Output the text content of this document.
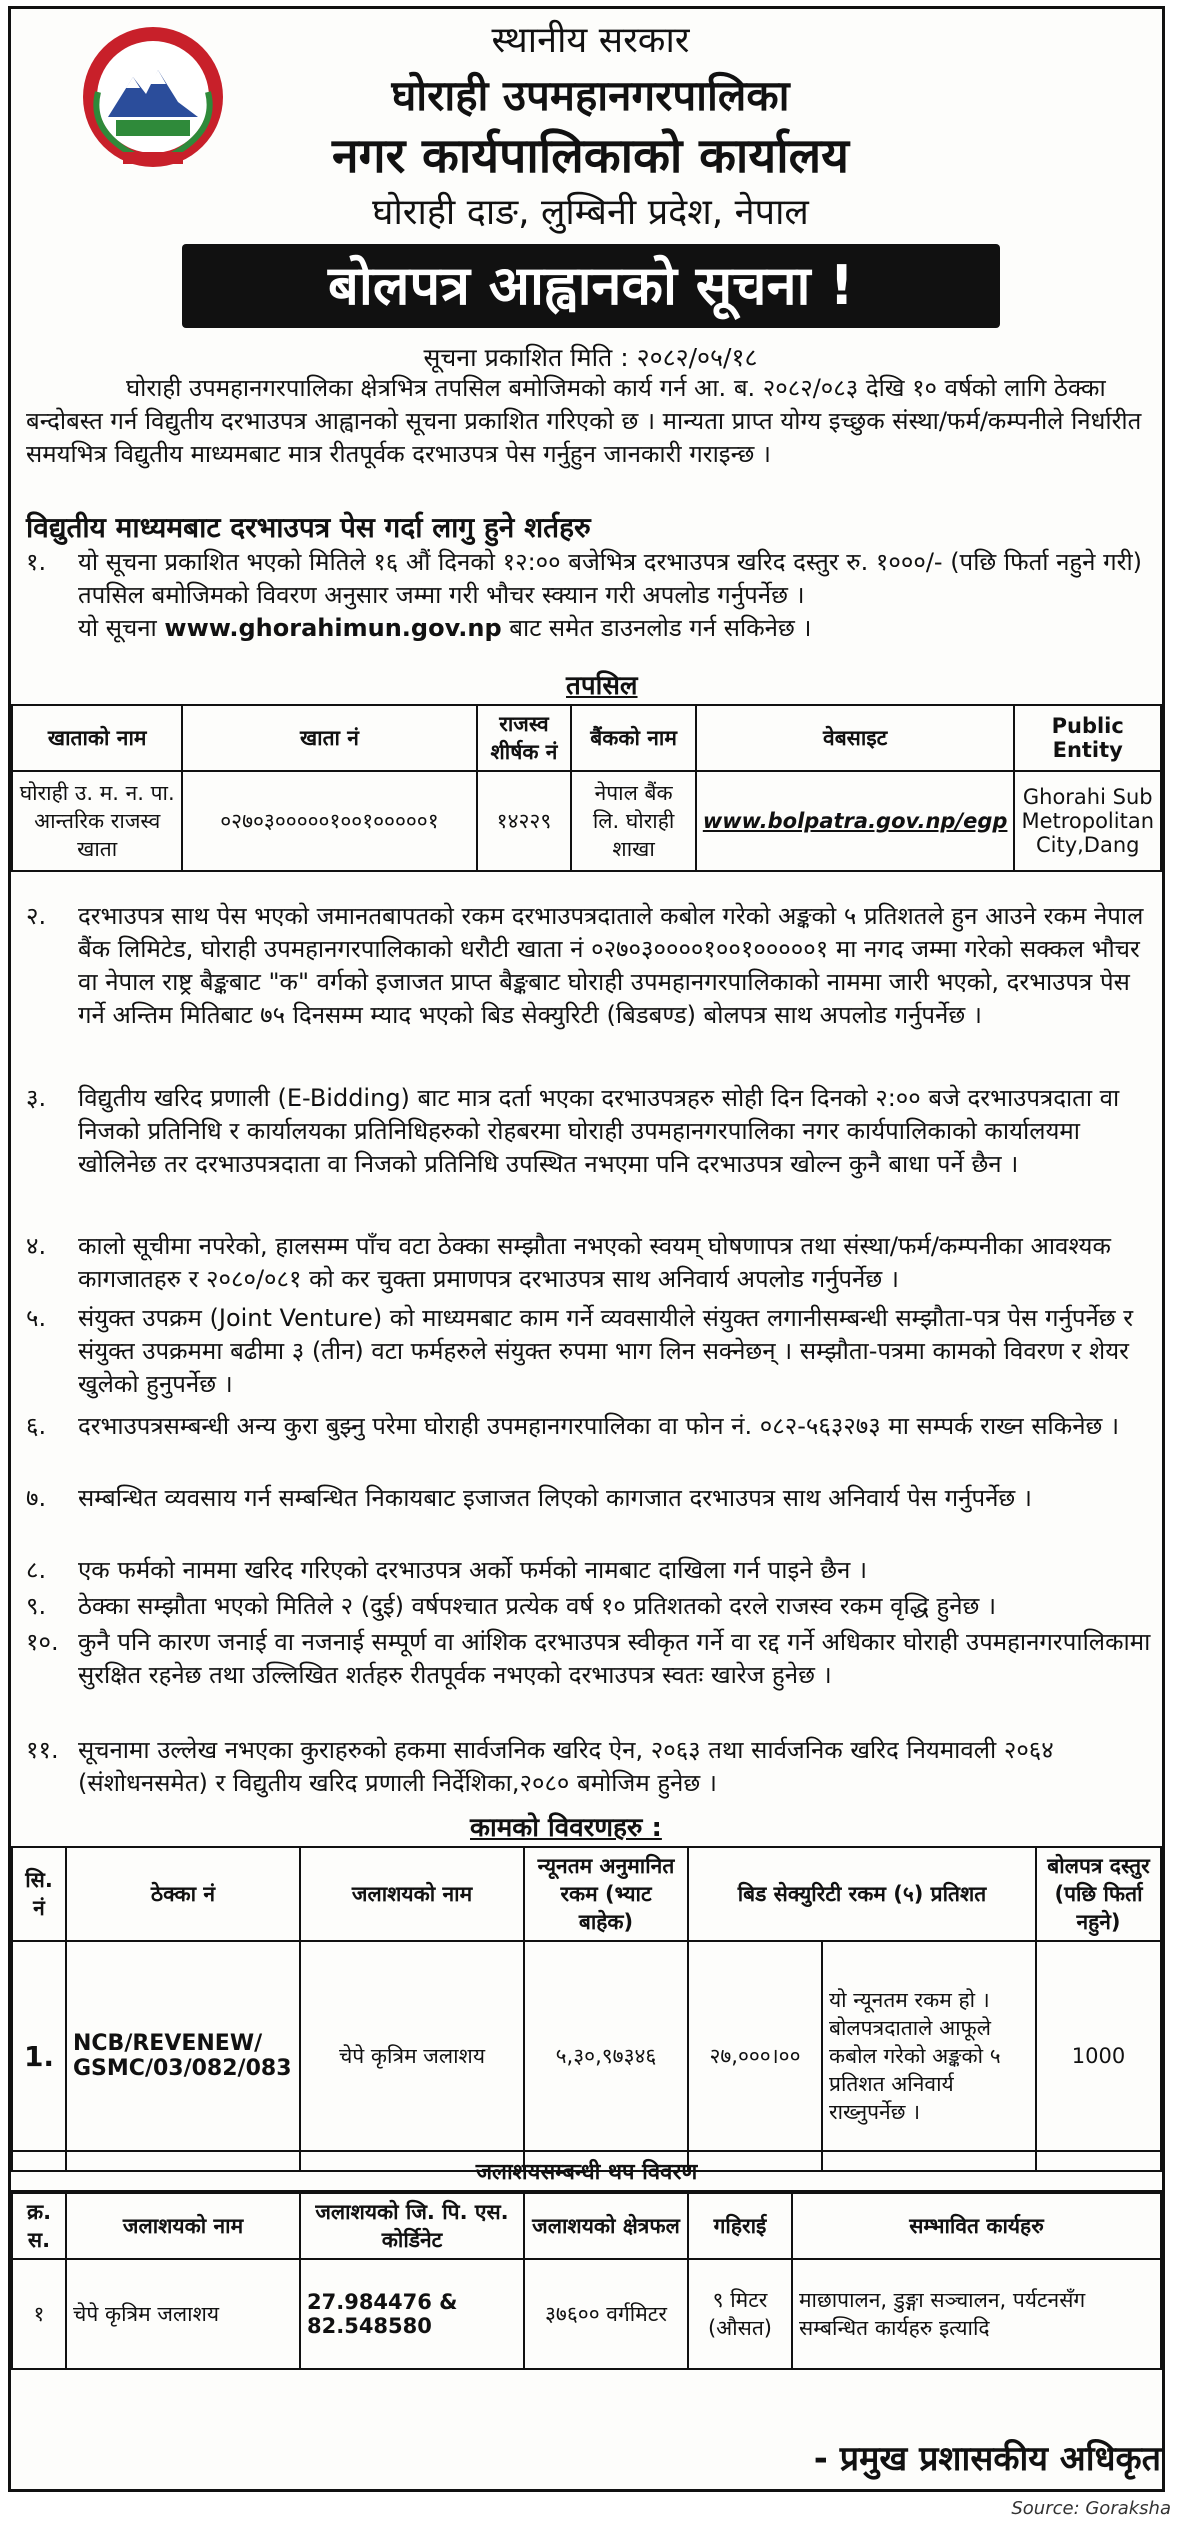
स्थानीय सरकार
घोराही उपमहानगरपालिका
नगर कार्यपालिकाको कार्यालय
घोराही दाङ, लुम्बिनी प्रदेश, नेपाल
बोलपत्र आह्वानको सूचना !
सूचना प्रकाशित मिति : २०८२/०५/१८
घोराही उपमहानगरपालिका क्षेत्रभित्र तपसिल बमोजिमको कार्य गर्न आ. ब. २०८२/०८३ देखि १० वर्षको लागि ठेक्का बन्दोबस्त गर्न विद्युतीय दरभाउपत्र आह्वानको सूचना प्रकाशित गरिएको छ । मान्यता प्राप्त योग्य इच्छुक संस्था/फर्म/कम्पनीले निर्धारीत समयभित्र विद्युतीय माध्यमबाट मात्र रीतपूर्वक दरभाउपत्र पेस गर्नुहुन जानकारी गराइन्छ ।
विद्युतीय माध्यमबाट दरभाउपत्र पेस गर्दा लागु हुने शर्तहरु
१.	यो सूचना प्रकाशित भएको मितिले १६ औं दिनको १२:०० बजेभित्र दरभाउपत्र खरिद दस्तुर रु. १०००/- (पछि फिर्ता नहुने गरी) तपसिल बमोजिमको विवरण अनुसार जम्मा गरी भौचर स्क्यान गरी अपलोड गर्नुपर्नेछ ।
यो सूचना www.ghorahimun.gov.np बाट समेत डाउनलोड गर्न सकिनेछ ।
तपसिल
खाताको नाम	खाता नं	राजस्व शीर्षक नं	बैंकको नाम	वेबसाइट	Public Entity
घोराही उ. म. न. पा. आन्तरिक राजस्व खाता	०२७०३०००००१००१०००००१	१४२२९	नेपाल बैंक लि. घोराही शाखा	www.bolpatra.gov.np/egp	Ghorahi Sub Metropolitan City,Dang
२.	दरभाउपत्र साथ पेस भएको जमानतबापतको रकम दरभाउपत्रदाताले कबोल गरेको अङ्कको ५ प्रतिशतले हुन आउने रकम नेपाल बैंक लिमिटेड, घोराही उपमहानगरपालिकाको धरौटी खाता नं ०२७०३००००१००१०००००१ मा नगद जम्मा गरेको सक्कल भौचर वा नेपाल राष्ट्र बैङ्कबाट "क" वर्गको इजाजत प्राप्त बैङ्कबाट घोराही उपमहानगरपालिकाको नाममा जारी भएको, दरभाउपत्र पेस गर्ने अन्तिम मितिबाट ७५ दिनसम्म म्याद भएको बिड सेक्युरिटी (बिडबण्ड) बोलपत्र साथ अपलोड गर्नुपर्नेछ ।
३.	विद्युतीय खरिद प्रणाली (E-Bidding) बाट मात्र दर्ता भएका दरभाउपत्रहरु सोही दिन दिनको २:०० बजे दरभाउपत्रदाता वा निजको प्रतिनिधि र कार्यालयका प्रतिनिधिहरुको रोहबरमा घोराही उपमहानगरपालिका नगर कार्यपालिकाको कार्यालयमा खोलिनेछ तर दरभाउपत्रदाता वा निजको प्रतिनिधि उपस्थित नभएमा पनि दरभाउपत्र खोल्न कुनै बाधा पर्ने छैन ।
४.	कालो सूचीमा नपरेको, हालसम्म पाँच वटा ठेक्का सम्झौता नभएको स्वयम् घोषणापत्र तथा संस्था/फर्म/कम्पनीका आवश्यक कागजातहरु र २०८०/०८१ को कर चुक्ता प्रमाणपत्र दरभाउपत्र साथ अनिवार्य अपलोड गर्नुपर्नेछ ।
५.	संयुक्त उपक्रम (Joint Venture) को माध्यमबाट काम गर्ने व्यवसायीले संयुक्त लगानीसम्बन्धी सम्झौता-पत्र पेस गर्नुपर्नेछ र संयुक्त उपक्रममा बढीमा ३ (तीन) वटा फर्महरुले संयुक्त रुपमा भाग लिन सक्नेछन् । सम्झौता-पत्रमा कामको विवरण र शेयर खुलेको हुनुपर्नेछ ।
६.	दरभाउपत्रसम्बन्धी अन्य कुरा बुझ्नु परेमा घोराही उपमहानगरपालिका वा फोन नं. ०८२-५६३२७३ मा सम्पर्क राख्न सकिनेछ ।
७.	सम्बन्धित व्यवसाय गर्न सम्बन्धित निकायबाट इजाजत लिएको कागजात दरभाउपत्र साथ अनिवार्य पेस गर्नुपर्नेछ ।
८.	एक फर्मको नाममा खरिद गरिएको दरभाउपत्र अर्को फर्मको नामबाट दाखिला गर्न पाइने छैन ।
९.	ठेक्का सम्झौता भएको मितिले २ (दुई) वर्षपश्चात प्रत्येक वर्ष १० प्रतिशतको दरले राजस्व रकम वृद्धि हुनेछ ।
१०. कुनै पनि कारण जनाई वा नजनाई सम्पूर्ण वा आंशिक दरभाउपत्र स्वीकृत गर्ने वा रद्द गर्ने अधिकार घोराही उपमहानगरपालिकामा सुरक्षित रहनेछ तथा उल्लिखित शर्तहरु रीतपूर्वक नभएको दरभाउपत्र स्वतः खारेज हुनेछ ।
११. सूचनामा उल्लेख नभएका कुराहरुको हकमा सार्वजनिक खरिद ऐन, २०६३ तथा सार्वजनिक खरिद नियमावली २०६४ (संशोधनसमेत) र विद्युतीय खरिद प्रणाली निर्देशिका,२०८० बमोजिम हुनेछ ।
कामको विवरणहरु :
सि. नं	ठेक्का नं	जलाशयको नाम	न्यूनतम अनुमानित रकम (भ्याट बाहेक)	बिड सेक्युरिटी रकम (५) प्रतिशत		बोलपत्र दस्तुर (पछि फिर्ता नहुने)
1.	NCB/REVENEW/ GSMC/03/082/083	चेपे कृत्रिम जलाशय	५,३०,९७३४६	२७,०००।००	यो न्यूनतम रकम हो । बोलपत्रदाताले आफूले कबोल गरेको अङ्कको ५ प्रतिशत अनिवार्य राख्नुपर्नेछ ।	1000
जलाशयसम्बन्धी थप विवरण
क्र. स.	जलाशयको नाम	जलाशयको जि. पि. एस. कोर्डिनेट	जलाशयको क्षेत्रफल	गहिराई	सम्भावित कार्यहरु
१	चेपे कृत्रिम जलाशय	27.984476 & 82.548580	३७६०० वर्गमिटर	९ मिटर (औसत)	माछापालन, डुङ्गा सञ्चालन, पर्यटनसँग सम्बन्धित कार्यहरु इत्यादि
- प्रमुख प्रशासकीय अधिकृत
Source: Goraksha
